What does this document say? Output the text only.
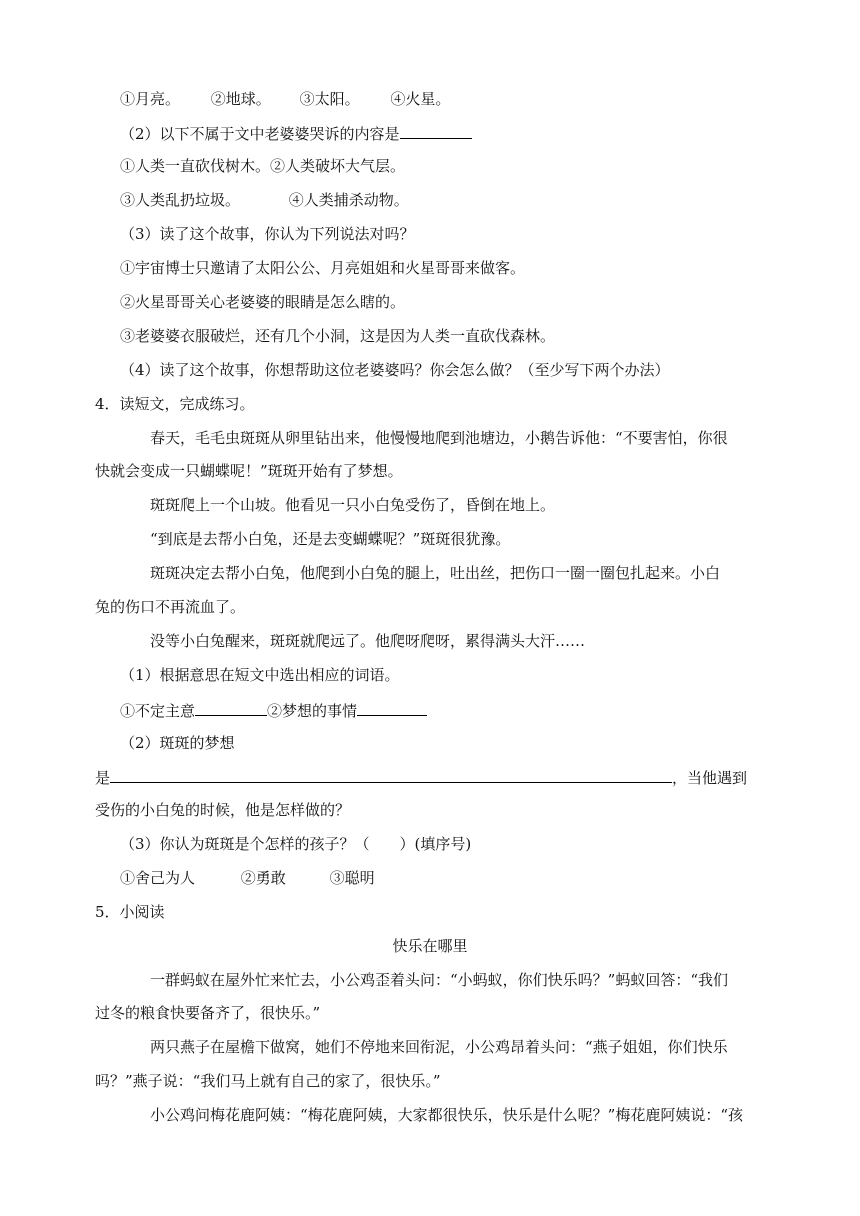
①月亮。 ②地球。 ③太阳。 ④火星。
（2）以下不属于文中老婆婆哭诉的内容是
①人类一直砍伐树木。②人类破坏大气层。
③人类乱扔垃圾。	④人类捕杀动物。
（3）读了这个故事，你认为下列说法对吗？
①宇宙博士只邀请了太阳公公、月亮姐姐和火星哥哥来做客。
②火星哥哥关心老婆婆的眼睛是怎么瞎的。
③老婆婆衣服破烂，还有几个小洞，这是因为人类一直砍伐森林。
（4）读了这个故事，你想帮助这位老婆婆吗？你会怎么做？（至少写下两个办法）
4．读短文，完成练习。
春天，毛毛虫斑斑从卵里钻出来，他慢慢地爬到池塘边，小鹅告诉他：“不要害怕，你很
快就会变成一只蝴蝶呢！”斑斑开始有了梦想。
斑斑爬上一个山坡。他看见一只小白兔受伤了，昏倒在地上。
“到底是去帮小白兔，还是去变蝴蝶呢？”斑斑很犹豫。
斑斑决定去帮小白兔，他爬到小白兔的腿上，吐出丝，把伤口一圈一圈包扎起来。小白
兔的伤口不再流血了。
没等小白兔醒来，斑斑就爬远了。他爬呀爬呀，累得满头大汗……
（1）根据意思在短文中选出相应的词语。
①不定主意	②梦想的事情
（2）斑斑的梦想
是	，当他遇到
受伤的小白兔的时候，他是怎样做的？
（3）你认为斑斑是个怎样的孩子？（　　）(填序号)
①舍己为人	②勇敢	③聪明
5．小阅读
快乐在哪里
一群蚂蚁在屋外忙来忙去，小公鸡歪着头问：“小蚂蚁，你们快乐吗？”蚂蚁回答：“我们
过冬的粮食快要备齐了，很快乐。”
两只燕子在屋檐下做窝，她们不停地来回衔泥，小公鸡昂着头问：“燕子姐姐，你们快乐
吗？”燕子说：“我们马上就有自己的家了，很快乐。”
小公鸡问梅花鹿阿姨：“梅花鹿阿姨，大家都很快乐，快乐是什么呢？”梅花鹿阿姨说：“孩
